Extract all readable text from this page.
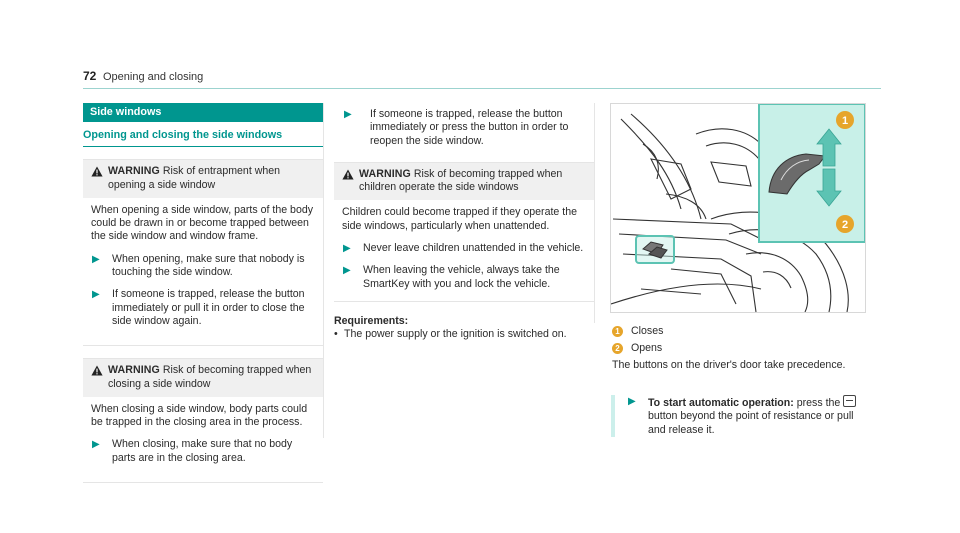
72 Opening and closing
Side windows
Opening and closing the side windows
WARNING Risk of entrapment when opening a side window
When opening a side window, parts of the body could be drawn in or become trapped between the side window and window frame.
▶	When opening, make sure that nobody is touching the side window.
▶	If someone is trapped, release the button immediately or pull it in order to close the side window again.
WARNING Risk of becoming trapped when closing a side window
When closing a side window, body parts could be trapped in the closing area in the process.
▶	When closing, make sure that no body parts are in the closing area.
▶	If someone is trapped, release the button immediately or press the button in order to reopen the side window.
WARNING Risk of becoming trapped when children operate the side windows
Children could become trapped if they operate the side windows, particularly when unattended.
▶	Never leave children unattended in the vehicle.
▶	When leaving the vehicle, always take the SmartKey with you and lock the vehicle.
Requirements:
• The power supply or the ignition is switched on.
1
2
1	Closes
2	Opens
The buttons on the driver's door take precedence.
▶	To start automatic operation: press the  button beyond the point of resistance or pull and release it.
